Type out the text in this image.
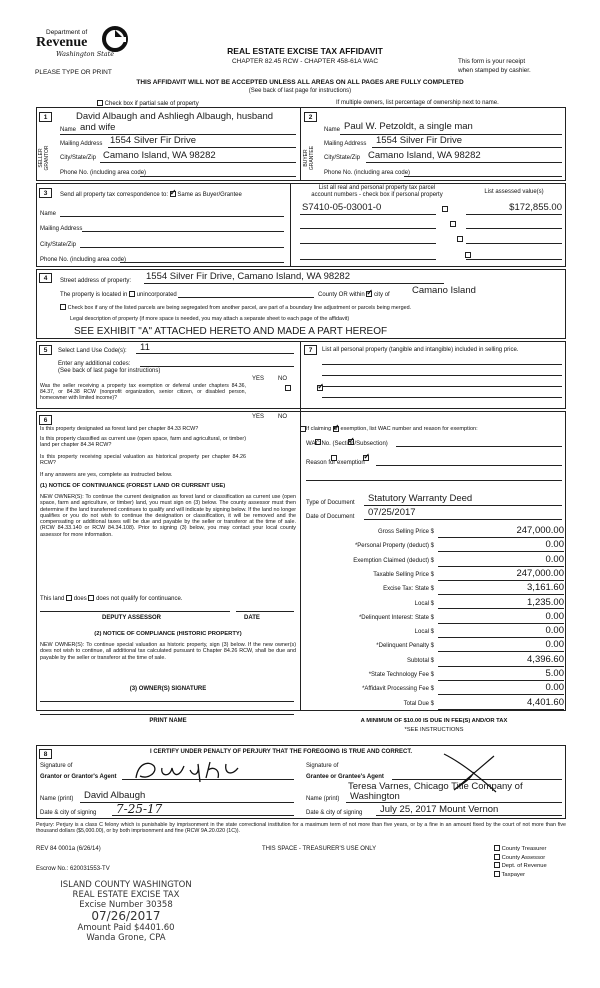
Department of
Revenue
Washington State
PLEASE TYPE OR PRINT
REAL ESTATE EXCISE TAX AFFIDAVIT
CHAPTER 82.45 RCW - CHAPTER 458-61A WAC	This form is your receipt
when stamped by cashier.
THIS AFFIDAVIT WILL NOT BE ACCEPTED UNLESS ALL AREAS ON ALL PAGES ARE FULLY COMPLETED
(See back of last page for instructions)
Check box if partial sale of property	If multiple owners, list percentage of ownership next to name.
1
SELLER GRANTOR
David Albaugh and Ashliegh Albaugh, husband
Name and wife
Mailing Address 1554 Silver Fir Drive
City/State/Zip Camano Island, WA 98282
Phone No. (including area code)
2
BUYER GRANTEE
Name Paul W. Petzoldt, a single man
Mailing Address 1554 Silver Fir Drive
City/State/Zip Camano Island, WA 98282
Phone No. (including area code)
3	Send all property tax correspondence to: ✓ Same as Buyer/Grantee
Name
Mailing Address
City/State/Zip
Phone No. (including area code)
List all real and personal property tax parcel
account numbers - check box if personal property	List assessed value(s)
S7410-05-03001-0	$172,855.00

4	Street address of property: 1554 Silver Fir Drive, Camano Island, WA 98282
The property is located in unincorporated	County OR within ✓ city of Camano Island
Check box if any of the listed parcels are being segregated from another parcel, are part of a boundary line adjustment or parcels being merged.
Legal description of property (if more space is needed, you may attach a separate sheet to each page of the affidavit)
SEE EXHIBIT "A" ATTACHED HERETO AND MADE A PART HEREOF
5	Select Land Use Code(s): 11
Enter any additional codes:
(See back of last page for instructions)
YES NO
Was the seller receiving a property tax exemption or deferral under chapters 84.36, 84.37, or 84.38 RCW (nonprofit organization, senior citizen, or disabled person, homeowner with limited income)?
✓
7	List all personal property (tangible and intangible) included in selling price.
6	YES NO
Is this property designated as forest land per chapter 84.33 RCW?
✓
Is this property classified as current use (open space, farm and agricultural, or timber) land per chapter 84.34 RCW?
✓
Is this property receiving special valuation as historical property per chapter 84.26 RCW?
✓
If any answers are yes, complete as instructed below.
(1) NOTICE OF CONTINUANCE (FOREST LAND OR CURRENT USE)
NEW OWNER(S): To continue the current designation as forest land or classification as current use (open space, farm and agriculture, or timber) land, you must sign on (3) below. The county assessor must then determine if the land transferred continues to qualify and will indicate by signing below. If the land no longer qualifies or you do not wish to continue the designation or classification, it will be removed and the compensating or additional taxes will be due and payable by the seller or transferor at the time of sale. (RCW 84.33.140 or RCW 84.34.108). Prior to signing (3) below, you may contact your local county assessor for more information.
This land does does not qualify for continuance.
DEPUTY ASSESSOR	DATE
(2) NOTICE OF COMPLIANCE (HISTORIC PROPERTY)
NEW OWNER(S): To continue special valuation as historic property, sign (3) below. If the new owner(s) does not wish to continue, all additional tax calculated pursuant to Chapter 84.26 RCW, shall be due and payable by the seller or transferor at the time of sale.
(3) OWNER(S) SIGNATURE
PRINT NAME
If claiming an exemption, list WAC number and reason for exemption:
WAC No. (Section/Subsection)
Reason for exemption
Type of Document Statutory Warranty Deed
Date of Document 07/25/2017
Gross Selling Price $	247,000.00
*Personal Property (deduct) $	0.00
Exemption Claimed (deduct) $	0.00
Taxable Selling Price $	247,000.00
Excise Tax: State $	3,161.60
Local $	1,235.00
*Delinquent Interest: State $	0.00
Local $	0.00
*Delinquent Penalty $	0.00
Subtotal $	4,396.60
*State Technology Fee $	5.00
*Affidavit Processing Fee $	0.00
Total Due $	4,401.60
A MINIMUM OF $10.00 IS DUE IN FEE(S) AND/OR TAX
*SEE INSTRUCTIONS
8	I CERTIFY UNDER PENALTY OF PERJURY THAT THE FOREGOING IS TRUE AND CORRECT.
Signature of
Grantor or Grantor's Agent
Name (print) David Albaugh
Date & city of signing 7-25-17
Signature of
Grantee or Grantee's Agent
Teresa Varnes, Chicago Title Company of
Name (print) Washington
Date & city of signing July 25, 2017 Mount Vernon
Perjury: Perjury is a class C felony which is punishable by imprisonment in the state correctional institution for a maximum term of not more than five years, or by a fine in an amount fixed by the court of not more than five thousand dollars ($5,000.00), or by both imprisonment and fine (RCW 9A.20.020 (1C)).
REV 84 0001a (6/26/14)	THIS SPACE - TREASURER'S USE ONLY	County Treasurer
County Assessor
Dept. of Revenue
Taxpayer
Escrow No.: 620031553-TV
ISLAND COUNTY WASHINGTON
REAL ESTATE EXCISE TAX
Excise Number 30358
07/26/2017
Amount Paid $4401.60
Wanda Grone, CPA
